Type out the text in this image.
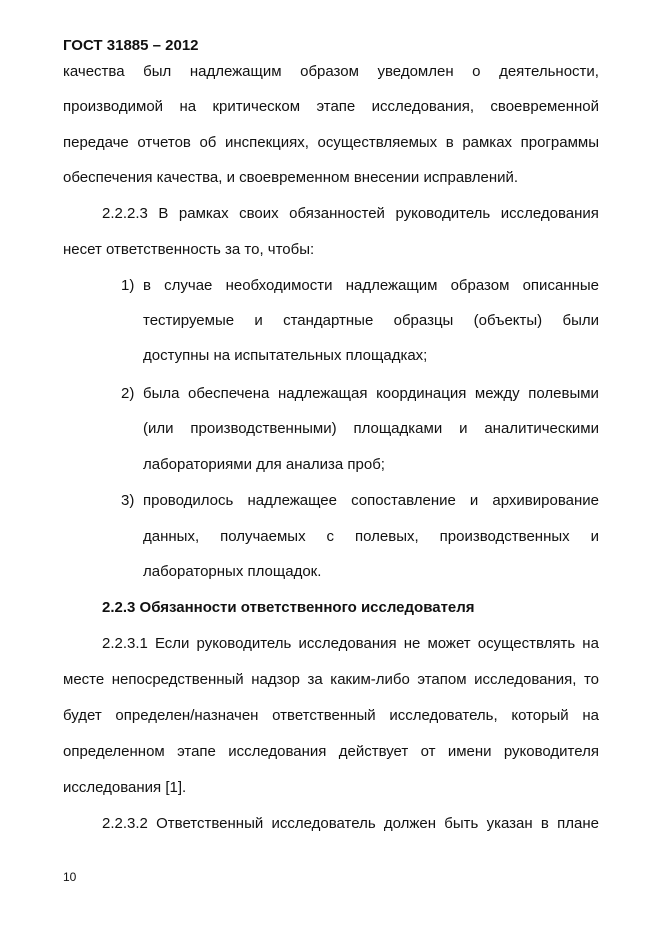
ГОСТ 31885 – 2012
качества был надлежащим образом уведомлен о деятельности,
производимой на критическом этапе исследования, своевременной
передаче отчетов об инспекциях, осуществляемых в рамках программы
обеспечения качества, и своевременном внесении исправлений.
2.2.2.3 В рамках своих обязанностей руководитель исследования
несет ответственность за то, чтобы:
1) в случае необходимости надлежащим образом описанные
тестируемые и стандартные образцы (объекты) были
доступны на испытательных площадках;
2) была обеспечена надлежащая координация между полевыми
(или производственными) площадками и аналитическими
лабораториями для анализа проб;
3) проводилось надлежащее сопоставление и архивирование
данных, получаемых с полевых, производственных и
лабораторных площадок.
2.2.3 Обязанности ответственного исследователя
2.2.3.1 Если руководитель исследования не может осуществлять на
месте непосредственный надзор за каким-либо этапом исследования, то
будет определен/назначен ответственный исследователь, который на
определенном этапе исследования действует от имени руководителя
исследования [1].
2.2.3.2 Ответственный исследователь должен быть указан в плане
10
